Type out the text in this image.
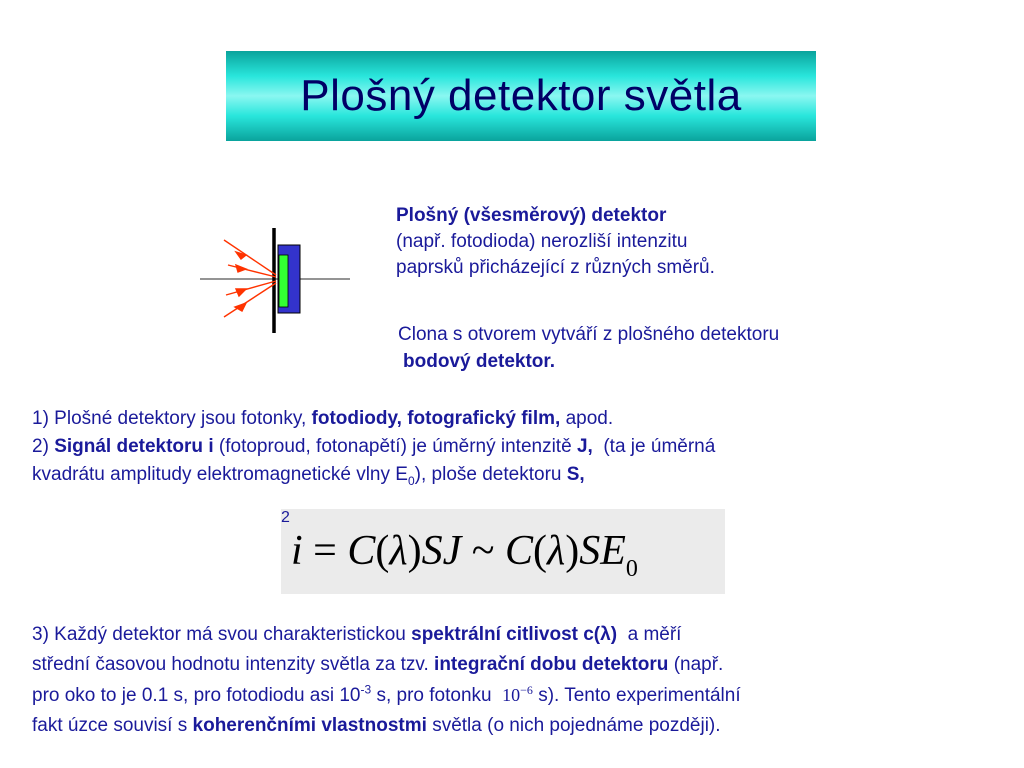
Plošný detektor světla
Plošný (všesměrový) detektor
(např. fotodioda) nerozliší intenzitu
paprsků přicházející z různých směrů.
Clona s otvorem vytváří z plošného detektoru
bodový detektor.
1) Plošné detektory jsou fotonky, fotodiody, fotografický film, apod.
2) Signál detektoru i (fotoproud, fotonapětí) je úměrný intenzitě J, (ta je úměrná
kvadrátu amplitudy elektromagnetické vlny $E_0$), ploše detektoru S,
i = C(λ)SJ ~ $C(\lambda)SE_0$
2
3) Každý detektor má svou charakteristickou spektrální citlivost c(λ) a měří
střední časovou hodnotu intenzity světla za tzv. integrační dobu detektoru (např.
pro oko to je 0.1 s, pro fotodiodu asi $10^{-3}$ s, pro fotonku $10^{-6}$ s). Tento experimentální
fakt úzce souvisí s koherenčními vlastnostmi světla (o nich pojednáme později).
